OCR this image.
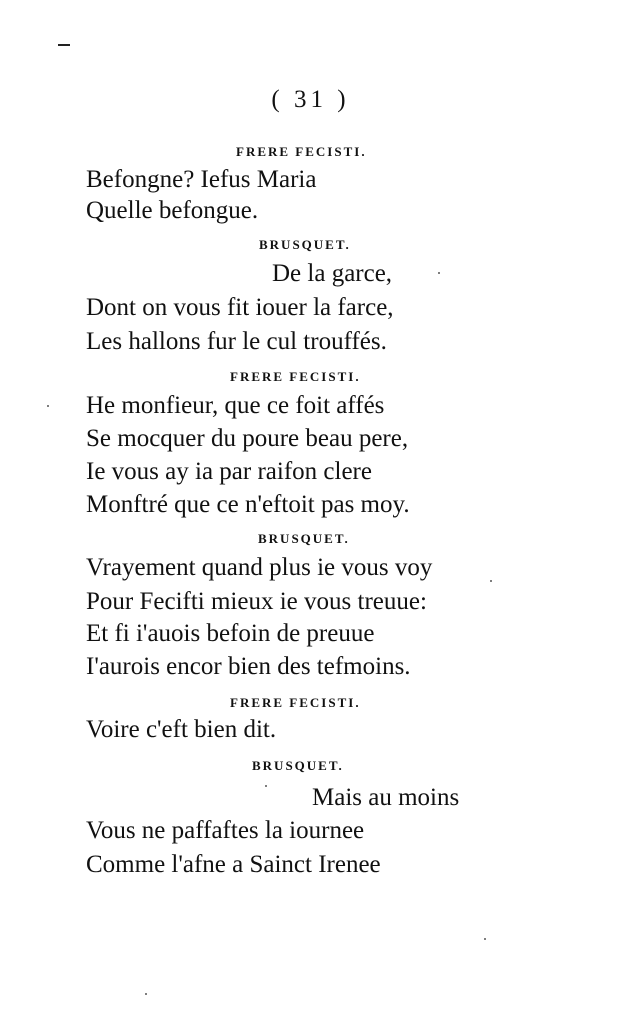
( 31 )
FRERE FECISTI.
Befongne? Iefus Maria
Quelle befongue.
BRUSQUET.
De la garce,
Dont on vous fit iouer la farce,
Les hallons fur le cul trouffés.
FRERE FECISTI.
He monfieur, que ce foit affés
Se mocquer du poure beau pere,
Ie vous ay ia par raifon clere
Monftré que ce n'eftoit pas moy.
BRUSQUET.
Vrayement quand plus ie vous voy
Pour Fecifti mieux ie vous treuue:
Et fi i'auois befoin de preuue
I'aurois encor bien des tefmoins.
FRERE FECISTI.
Voire c'eft bien dit.
BRUSQUET.
Mais au moins
Vous ne paffaftes la iournee
Comme l'afne a Sainct Irenee
